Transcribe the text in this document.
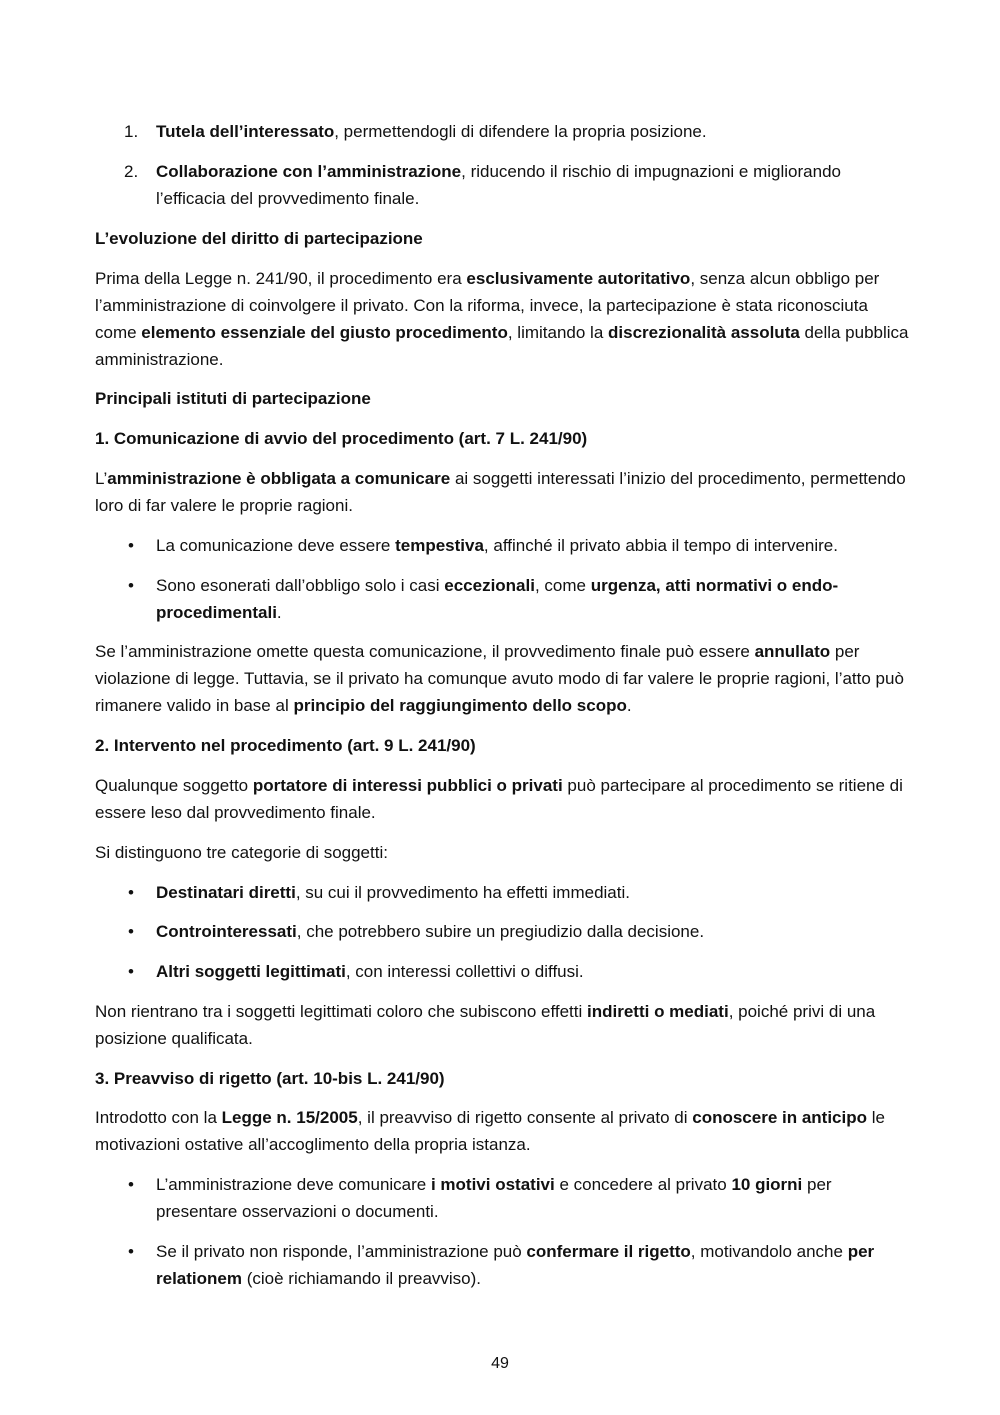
1.	Tutela dell’interessato, permettendogli di difendere la propria posizione.

2.	Collaborazione con l’amministrazione, riducendo il rischio di impugnazioni e migliorando l’efficacia del provvedimento finale.

L’evoluzione del diritto di partecipazione

Prima della Legge n. 241/90, il procedimento era esclusivamente autoritativo, senza alcun obbligo per l’amministrazione di coinvolgere il privato. Con la riforma, invece, la partecipazione è stata riconosciuta come elemento essenziale del giusto procedimento, limitando la discrezionalità assoluta della pubblica amministrazione.

Principali istituti di partecipazione

1. Comunicazione di avvio del procedimento (art. 7 L. 241/90)

L’amministrazione è obbligata a comunicare ai soggetti interessati l’inizio del procedimento, permettendo loro di far valere le proprie ragioni.

• La comunicazione deve essere tempestiva, affinché il privato abbia il tempo di intervenire.

• Sono esonerati dall’obbligo solo i casi eccezionali, come urgenza, atti normativi o endo-procedimentali.

Se l’amministrazione omette questa comunicazione, il provvedimento finale può essere annullato per violazione di legge. Tuttavia, se il privato ha comunque avuto modo di far valere le proprie ragioni, l’atto può rimanere valido in base al principio del raggiungimento dello scopo.

2. Intervento nel procedimento (art. 9 L. 241/90)

Qualunque soggetto portatore di interessi pubblici o privati può partecipare al procedimento se ritiene di essere leso dal provvedimento finale.

Si distinguono tre categorie di soggetti:

• Destinatari diretti, su cui il provvedimento ha effetti immediati.

• Controinteressati, che potrebbero subire un pregiudizio dalla decisione.

• Altri soggetti legittimati, con interessi collettivi o diffusi.

Non rientrano tra i soggetti legittimati coloro che subiscono effetti indiretti o mediati, poiché privi di una posizione qualificata.

3. Preavviso di rigetto (art. 10-bis L. 241/90)

Introdotto con la Legge n. 15/2005, il preavviso di rigetto consente al privato di conoscere in anticipo le motivazioni ostative all’accoglimento della propria istanza.

• L’amministrazione deve comunicare i motivi ostativi e concedere al privato 10 giorni per presentare osservazioni o documenti.

• Se il privato non risponde, l’amministrazione può confermare il rigetto, motivandolo anche per relationem (cioè richiamando il preavviso).

49
